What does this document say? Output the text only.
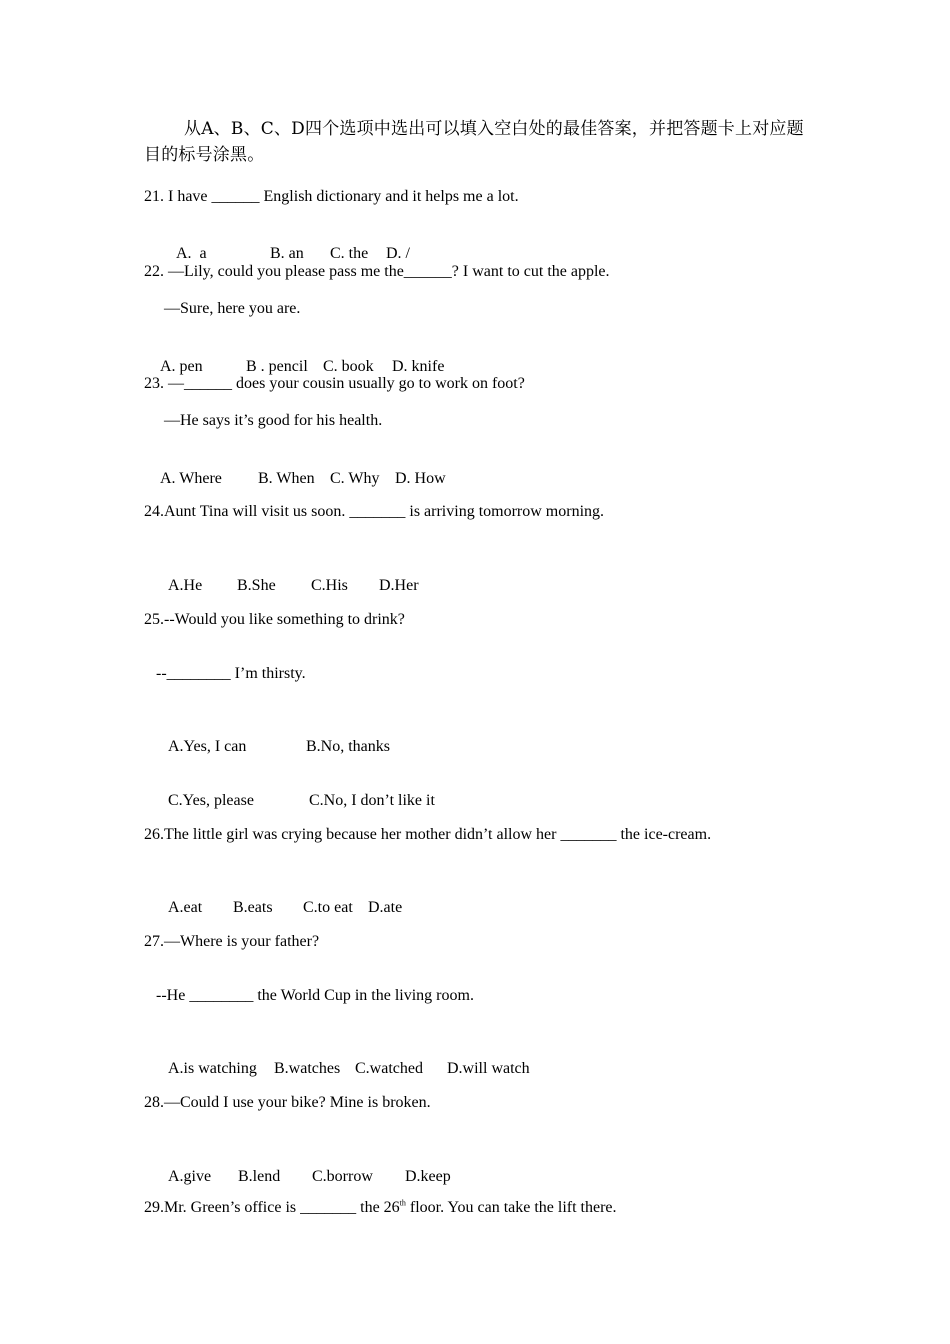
从A、B、C、D四个选项中选出可以填入空白处的最佳答案，并把答题卡上对应题目的标号涂黑。
21. I have ______ English dictionary and it helps me a lot.

A.  a	B. an C. the D. /

22. —Lily, could you please pass me the______? I want to cut the apple.
—Sure, here you are.

A. pen	B . pencil C. book D. knife

23. —______ does your cousin usually go to work on foot?
—He says it’s good for his health.

A. Where B. When C. Why D. How

24.Aunt Tina will visit us soon. _______ is arriving tomorrow morning.

A.He B.She C.His D.Her

25.--Would you like something to drink?
--________ I’m thirsty.

A.Yes, I can	B.No, thanks

C.Yes, please	C.No, I don’t like it

26.The little girl was crying because her mother didn’t allow her _______ the ice-cream.

A.eat B.eats C.to eat D.ate

27.—Where is your father?
--He ________ the World Cup in the living room.

A.is watching B.watches C.watched D.will watch

28.—Could I use your bike? Mine is broken.

A.give B.lend C.borrow D.keep

29.Mr. Green’s office is _______ the 26th floor. You can take the lift there.
